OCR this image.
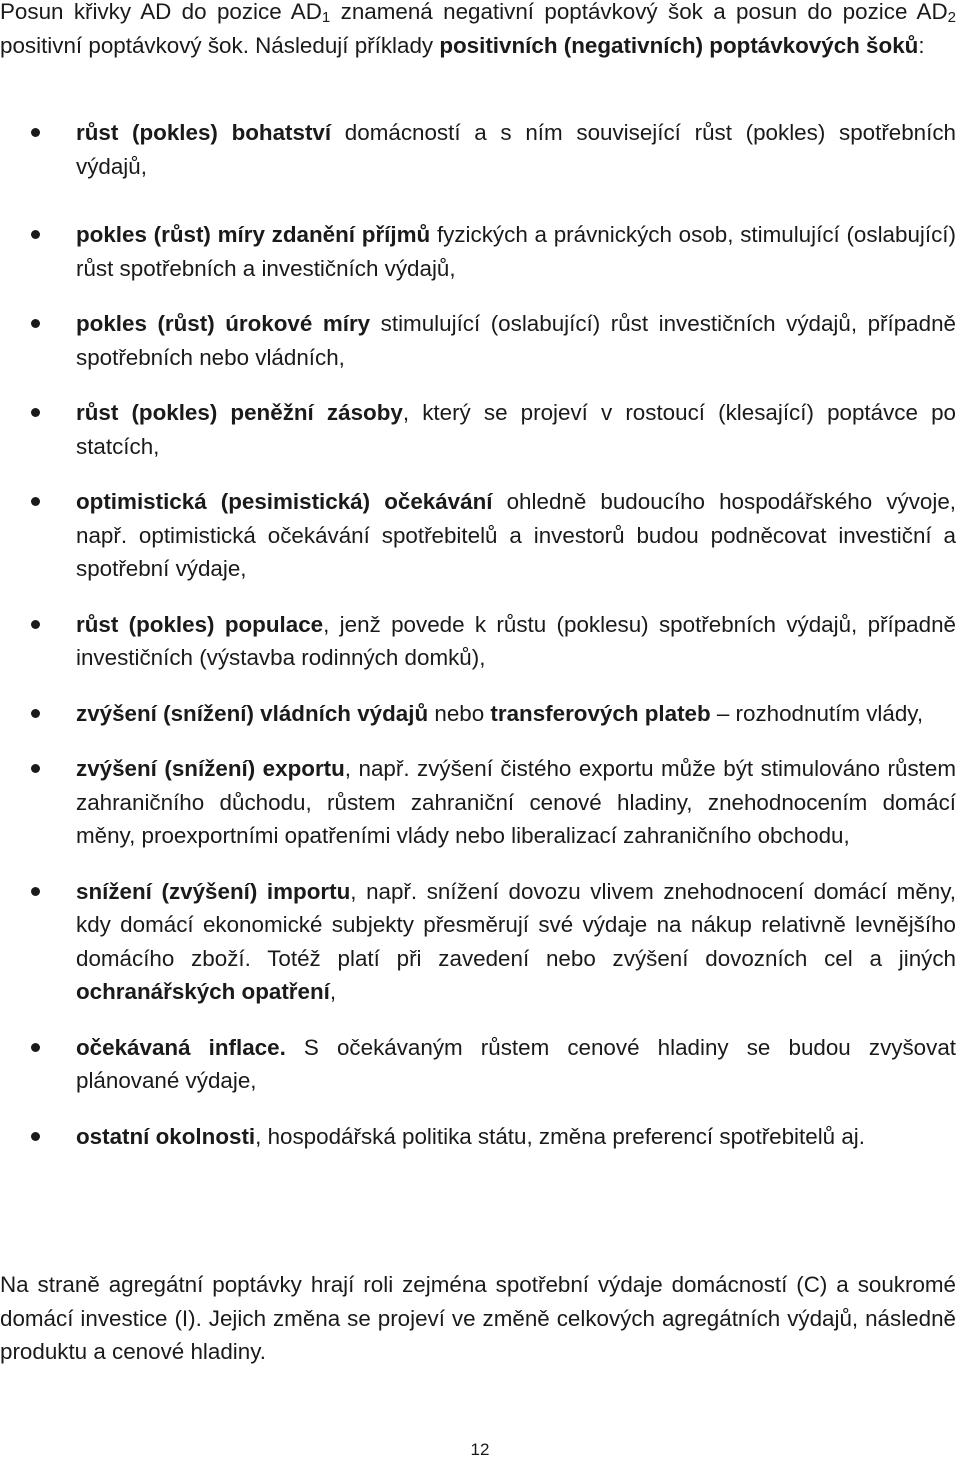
Posun křivky AD do pozice $AD_1$ znamená negativní poptávkový šok a posun do pozice $AD_2$ positivní poptávkový šok. Následují příklady positivních (negativních) poptávkových šoků:

růst (pokles) bohatství domácností a s ním související růst (pokles) spotřebních výdajů,
pokles (růst) míry zdanění příjmů fyzických a právnických osob, stimulující (oslabující) růst spotřebních a investičních výdajů,
pokles (růst) úrokové míry stimulující (oslabující) růst investičních výdajů, případně spotřebních nebo vládních,
růst (pokles) peněžní zásoby, který se projeví v rostoucí (klesající) poptávce po statcích,
optimistická (pesimistická) očekávání ohledně budoucího hospodářského vývoje, např. optimistická očekávání spotřebitelů a investorů budou podněcovat investiční a spotřební výdaje,
růst (pokles) populace, jenž povede k růstu (poklesu) spotřebních výdajů, případně investičních (výstavba rodinných domků),
zvýšení (snížení) vládních výdajů nebo transferových plateb – rozhodnutím vlády,
zvýšení (snížení) exportu, např. zvýšení čistého exportu může být stimulováno růstem zahraničního důchodu, růstem zahraniční cenové hladiny, znehodnocením domácí měny, proexportními opatřeními vlády nebo liberalizací zahraničního obchodu,
snížení (zvýšení) importu, např. snížení dovozu vlivem znehodnocení domácí měny, kdy domácí ekonomické subjekty přesměrují své výdaje na nákup relativně levnějšího domácího zboží. Totéž platí při zavedení nebo zvýšení dovozních cel a jiných ochranářských opatření,
očekávaná inflace. S očekávaným růstem cenové hladiny se budou zvyšovat plánované výdaje,
ostatní okolnosti, hospodářská politika státu, změna preferencí spotřebitelů aj.

Na straně agregátní poptávky hrají roli zejména spotřební výdaje domácností (C) a soukromé domácí investice (I). Jejich změna se projeví ve změně celkových agregátních výdajů, následně produktu a cenové hladiny.

12
